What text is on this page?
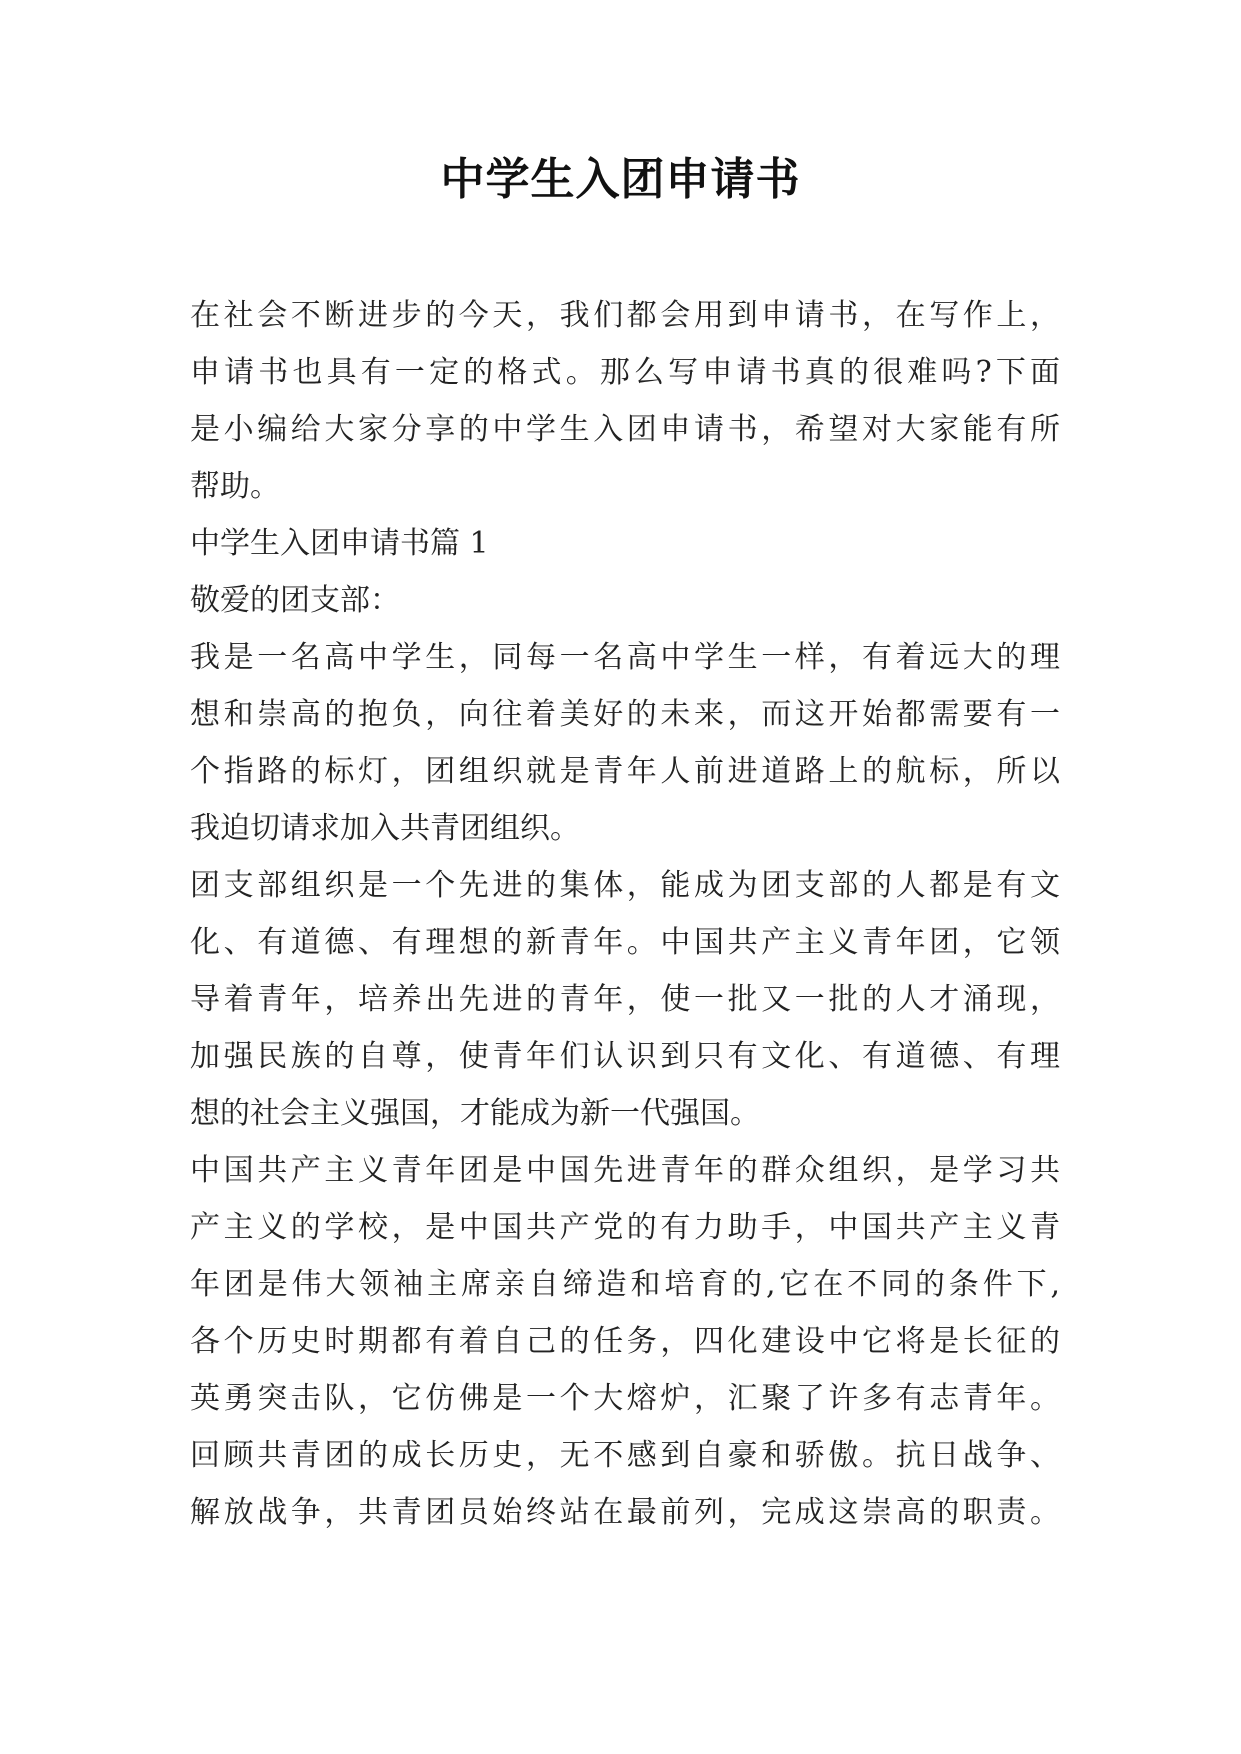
中学生入团申请书
在社会不断进步的今天，我们都会用到申请书，在写作上，
申请书也具有一定的格式。那么写申请书真的很难吗?下面
是小编给大家分享的中学生入团申请书，希望对大家能有所
帮助。
中学生入团申请书篇 1
敬爱的团支部：
我是一名高中学生，同每一名高中学生一样，有着远大的理
想和崇高的抱负，向往着美好的未来，而这开始都需要有一
个指路的标灯，团组织就是青年人前进道路上的航标，所以
我迫切请求加入共青团组织。
团支部组织是一个先进的集体，能成为团支部的人都是有文
化、有道德、有理想的新青年。中国共产主义青年团，它领
导着青年，培养出先进的青年，使一批又一批的人才涌现，
加强民族的自尊，使青年们认识到只有文化、有道德、有理
想的社会主义强国，才能成为新一代强国。
中国共产主义青年团是中国先进青年的群众组织，是学习共
产主义的学校，是中国共产党的有力助手，中国共产主义青
年团是伟大领袖主席亲自缔造和培育的,它在不同的条件下,
各个历史时期都有着自己的任务，四化建设中它将是长征的
英勇突击队，它仿佛是一个大熔炉，汇聚了许多有志青年。
回顾共青团的成长历史，无不感到自豪和骄傲。抗日战争、
解放战争，共青团员始终站在最前列，完成这崇高的职责。
